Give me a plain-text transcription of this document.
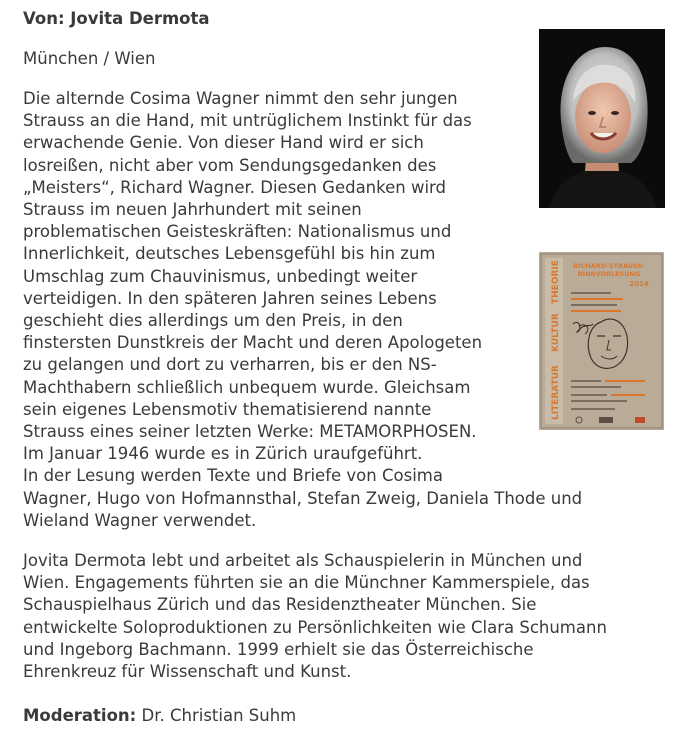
Von: Jovita Dermota

München / Wien

Die alternde Cosima Wagner nimmt den sehr jungen
Strauss an die Hand, mit untrüglichem Instinkt für das
erwachende Genie. Von dieser Hand wird er sich
losreißen, nicht aber vom Sendungsgedanken des
„Meisters“, Richard Wagner. Diesen Gedanken wird
Strauss im neuen Jahrhundert mit seinen
problematischen Geisteskräften: Nationalismus und
Innerlichkeit, deutsches Lebensgefühl bis hin zum
Umschlag zum Chauvinismus, unbedingt weiter
verteidigen. In den späteren Jahren seines Lebens
geschieht dies allerdings um den Preis, in den
finstersten Dunstkreis der Macht und deren Apologeten
zu gelangen und dort zu verharren, bis er den NS-
Machthabern schließlich unbequem wurde. Gleichsam
sein eigenes Lebensmotiv thematisierend nannte
Strauss eines seiner letzten Werke: METAMORPHOSEN.
Im Januar 1946 wurde es in Zürich uraufgeführt.
In der Lesung werden Texte und Briefe von Cosima
Wagner, Hugo von Hofmannsthal, Stefan Zweig, Daniela Thode und
Wieland Wagner verwendet.
Jovita Dermota lebt und arbeitet als Schauspielerin in München und
Wien. Engagements führten sie an die Münchner Kammerspiele, das
Schauspielhaus Zürich und das Residenztheater München. Sie
entwickelte Soloproduktionen zu Persönlichkeiten wie Clara Schumann
und Ingeborg Bachmann. 1999 erhielt sie das Österreichische
Ehrenkreuz für Wissenschaft und Kunst.

Moderation: Dr. Christian Suhm

THEORIE
KULTUR
LITERATUR
RICHARD-STRAUSS-
BINRVORLESUNG
2014
